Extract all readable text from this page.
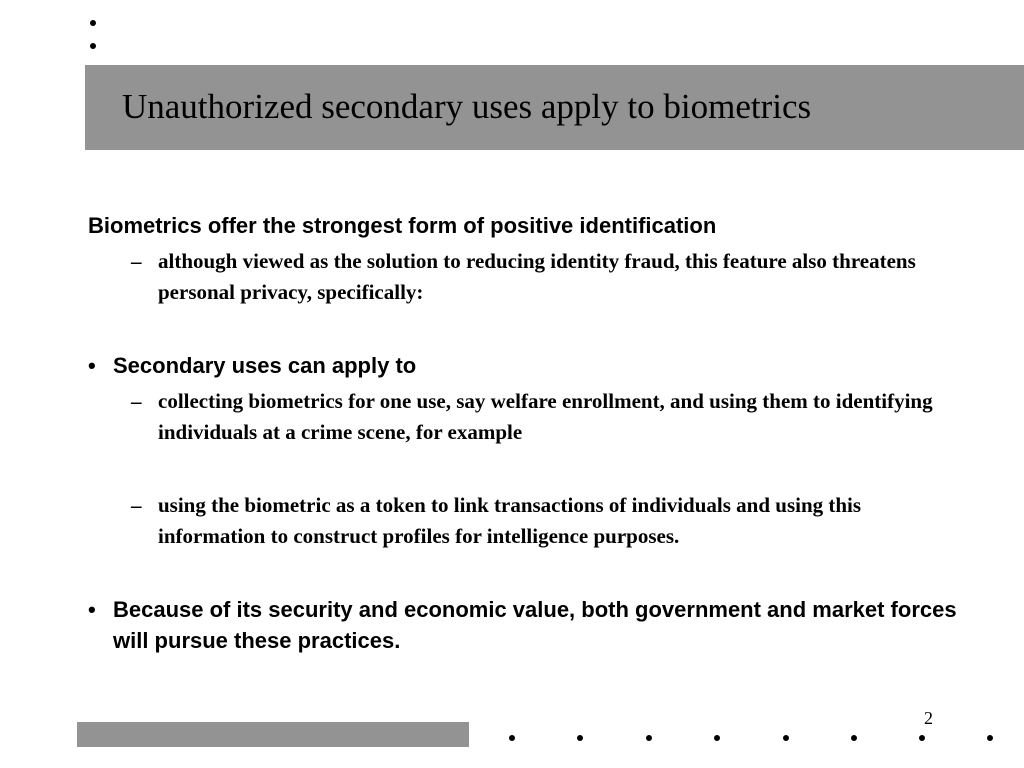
Unauthorized secondary uses apply to biometrics
Biometrics offer the strongest form of positive identification
– although viewed as the solution to reducing identity fraud, this feature also threatens personal privacy, specifically:
• Secondary uses can apply to
– collecting biometrics for one use, say welfare enrollment, and using them to identifying individuals at a crime scene, for example
– using the biometric as a token to link transactions of individuals and using this information to construct profiles for intelligence purposes.
• Because of its security and economic value, both government and market forces will pursue these practices.
2
